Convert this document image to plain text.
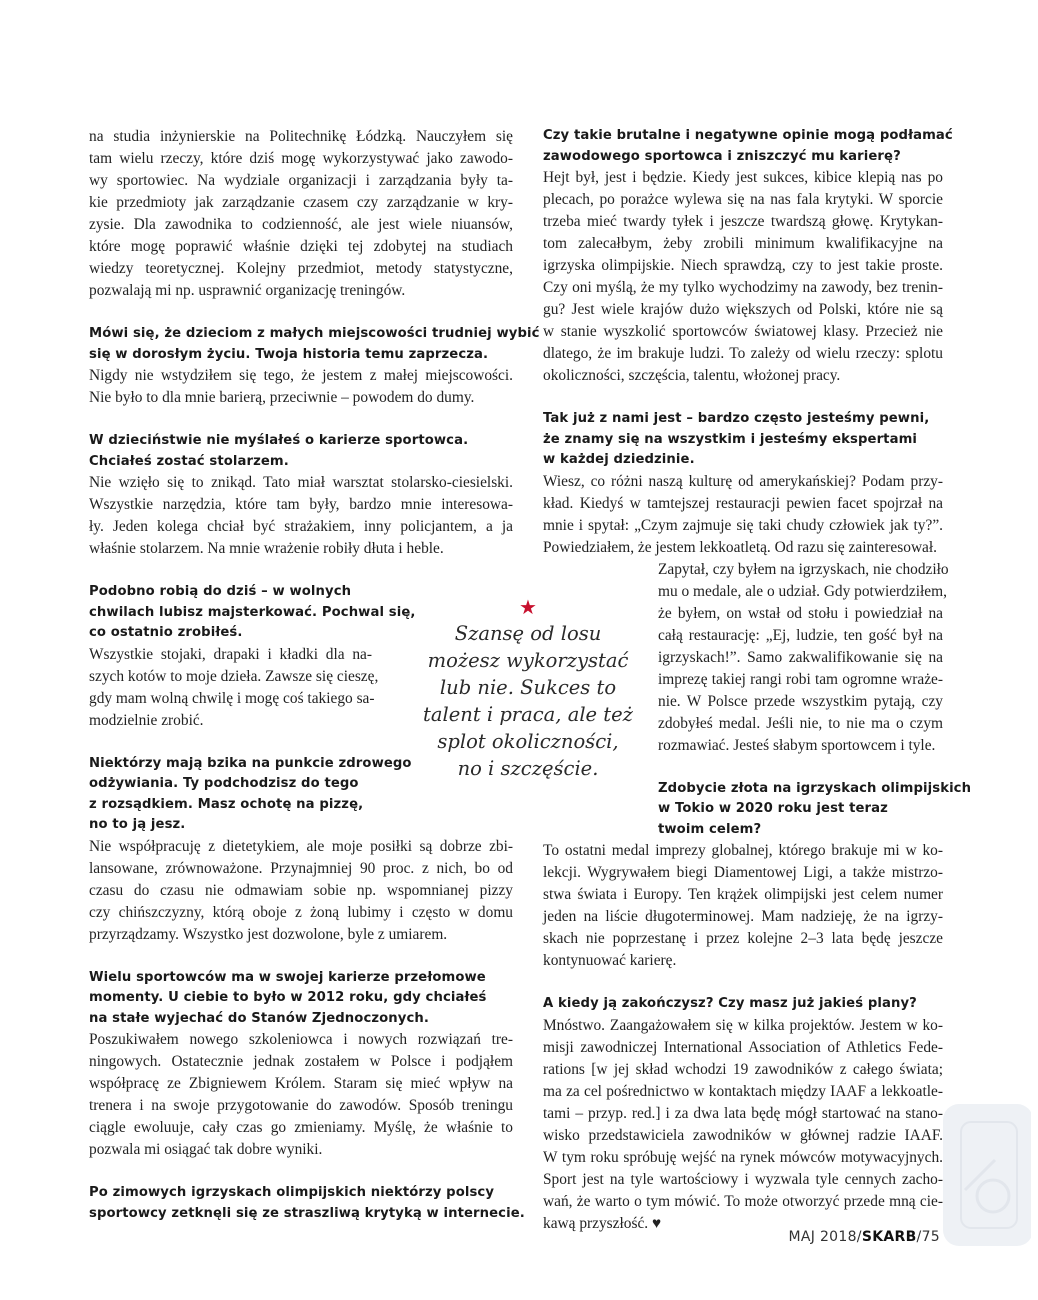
na studia inżynierskie na Politechnikę Łódzką. Nauczyłem się
tam wielu rzeczy, które dziś mogę wykorzystywać jako zawodo-
wy sportowiec. Na wydziale organizacji i zarządzania były ta-
kie przedmioty jak zarządzanie czasem czy zarządzanie w kry-
zysie. Dla zawodnika to codzienność, ale jest wiele niuansów,
które mogę poprawić właśnie dzięki tej zdobytej na studiach
wiedzy teoretycznej. Kolejny przedmiot, metody statystyczne,
pozwalają mi np. usprawnić organizację treningów.
Mówi się, że dzieciom z małych miejscowości trudniej wybić
się w dorosłym życiu. Twoja historia temu zaprzecza.
Nigdy nie wstydziłem się tego, że jestem z małej miejscowości.
Nie było to dla mnie barierą, przeciwnie – powodem do dumy.
W dzieciństwie nie myślałeś o karierze sportowca.
Chciałeś zostać stolarzem.
Nie wzięło się to znikąd. Tato miał warsztat stolarsko-ciesielski.
Wszystkie narzędzia, które tam były, bardzo mnie interesowa-
ły. Jeden kolega chciał być strażakiem, inny policjantem, a ja
właśnie stolarzem. Na mnie wrażenie robiły dłuta i heble.
Podobno robią do dziś – w wolnych
chwilach lubisz majsterkować. Pochwal się,
co ostatnio zrobiłeś.
Wszystkie stojaki, drapaki i kładki dla na-
szych kotów to moje dzieła. Zawsze się cieszę,
gdy mam wolną chwilę i mogę coś takiego sa-
modzielnie zrobić.
Niektórzy mają bzika na punkcie zdrowego
odżywiania. Ty podchodzisz do tego
z rozsądkiem. Masz ochotę na pizzę,
no to ją jesz.
Nie współpracuję z dietetykiem, ale moje posiłki są dobrze zbi-
lansowane, zrównoważone. Przynajmniej 90 proc. z nich, bo od
czasu do czasu nie odmawiam sobie np. wspomnianej pizzy
czy chińszczyzny, którą oboje z żoną lubimy i często w domu
przyrządzamy. Wszystko jest dozwolone, byle z umiarem.
Wielu sportowców ma w swojej karierze przełomowe
momenty. U ciebie to było w 2012 roku, gdy chciałeś
na stałe wyjechać do Stanów Zjednoczonych.
Poszukiwałem nowego szkoleniowca i nowych rozwiązań tre-
ningowych. Ostatecznie jednak zostałem w Polsce i podjąłem
współpracę ze Zbigniewem Królem. Staram się mieć wpływ na
trenera i na swoje przygotowanie do zawodów. Sposób treningu
ciągle ewoluuje, cały czas go zmieniamy. Myślę, że właśnie to
pozwala mi osiągać tak dobre wyniki.
Po zimowych igrzyskach olimpijskich niektórzy polscy
sportowcy zetknęli się ze straszliwą krytyką w internecie.
Czy takie brutalne i negatywne opinie mogą podłamać
zawodowego sportowca i zniszczyć mu karierę?
Hejt był, jest i będzie. Kiedy jest sukces, kibice klepią nas po
plecach, po porażce wylewa się na nas fala krytyki. W sporcie
trzeba mieć twardy tyłek i jeszcze twardszą głowę. Krytykan-
tom zalecałbym, żeby zrobili minimum kwalifikacyjne na
igrzyska olimpijskie. Niech sprawdzą, czy to jest takie proste.
Czy oni myślą, że my tylko wychodzimy na zawody, bez trenin-
gu? Jest wiele krajów dużo większych od Polski, które nie są
w stanie wyszkolić sportowców światowej klasy. Przecież nie
dlatego, że im brakuje ludzi. To zależy od wielu rzeczy: splotu
okoliczności, szczęścia, talentu, włożonej pracy.
Tak już z nami jest – bardzo często jesteśmy pewni,
że znamy się na wszystkim i jesteśmy ekspertami
w każdej dziedzinie.
Wiesz, co różni naszą kulturę od amerykańskiej? Podam przy-
kład. Kiedyś w tamtejszej restauracji pewien facet spojrzał na
mnie i spytał: „Czym zajmuje się taki chudy człowiek jak ty?”.
Powiedziałem, że jestem lekkoatletą. Od razu się zainteresował.
Zapytał, czy byłem na igrzyskach, nie chodziło
mu o medale, ale o udział. Gdy potwierdziłem,
że byłem, on wstał od stołu i powiedział na
całą restaurację: „Ej, ludzie, ten gość był na
igrzyskach!”. Samo zakwalifikowanie się na
imprezę takiej rangi robi tam ogromne wraże-
nie. W Polsce przede wszystkim pytają, czy
zdobyłeś medal. Jeśli nie, to nie ma o czym
rozmawiać. Jesteś słabym sportowcem i tyle.
Zdobycie złota na igrzyskach olimpijskich
w Tokio w 2020 roku jest teraz
twoim celem?
To ostatni medal imprezy globalnej, którego brakuje mi w ko-
lekcji. Wygrywałem biegi Diamentowej Ligi, a także mistrzo-
stwa świata i Europy. Ten krążek olimpijski jest celem numer
jeden na liście długoterminowej. Mam nadzieję, że na igrzy-
skach nie poprzestanę i przez kolejne 2–3 lata będę jeszcze
kontynuować karierę.
A kiedy ją zakończysz? Czy masz już jakieś plany?
Mnóstwo. Zaangażowałem się w kilka projektów. Jestem w ko-
misji zawodniczej International Association of Athletics Fede-
rations [w jej skład wchodzi 19 zawodników z całego świata;
ma za cel pośrednictwo w kontaktach między IAAF a lekkoatle-
tami – przyp. red.] i za dwa lata będę mógł startować na stano-
wisko przedstawiciela zawodników w głównej radzie IAAF.
W tym roku spróbuję wejść na rynek mówców motywacyjnych.
Sport jest na tyle wartościowy i wyzwala tyle cennych zacho-
wań, że warto o tym mówić. To może otworzyć przede mną cie-
kawą przyszłość. ♥
★
Szansę od losu
możesz wykorzystać
lub nie. Sukces to
talent i praca, ale też
splot okoliczności,
no i szczęście.
MAJ 2018/SKARB/75
